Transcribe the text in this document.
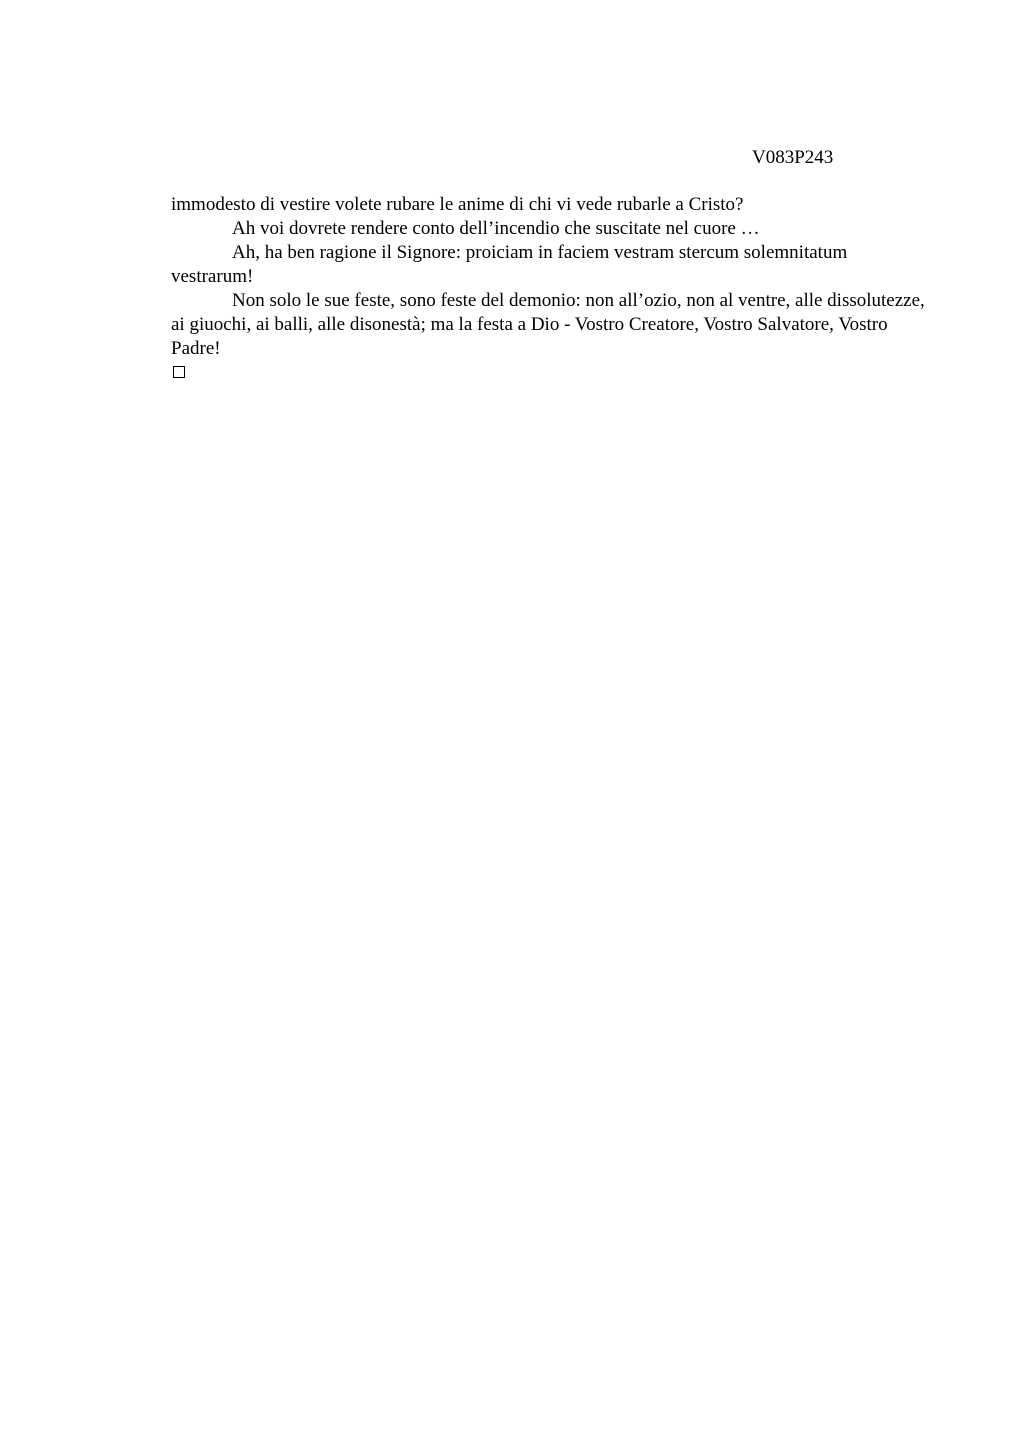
V083P243

immodesto di vestire volete rubare le anime di chi vi vede rubarle a Cristo?

Ah voi dovrete rendere conto dell’incendio che suscitate nel cuore …

Ah, ha ben ragione il Signore: proiciam in faciem vestram stercum solemnitatum vestrarum!

Non solo le sue feste, sono feste del demonio: non all’ozio, non al ventre, alle dissolutezze, ai giuochi, ai balli, alle disonestà; ma la festa a Dio - Vostro Creatore, Vostro Salvatore, Vostro Padre!
